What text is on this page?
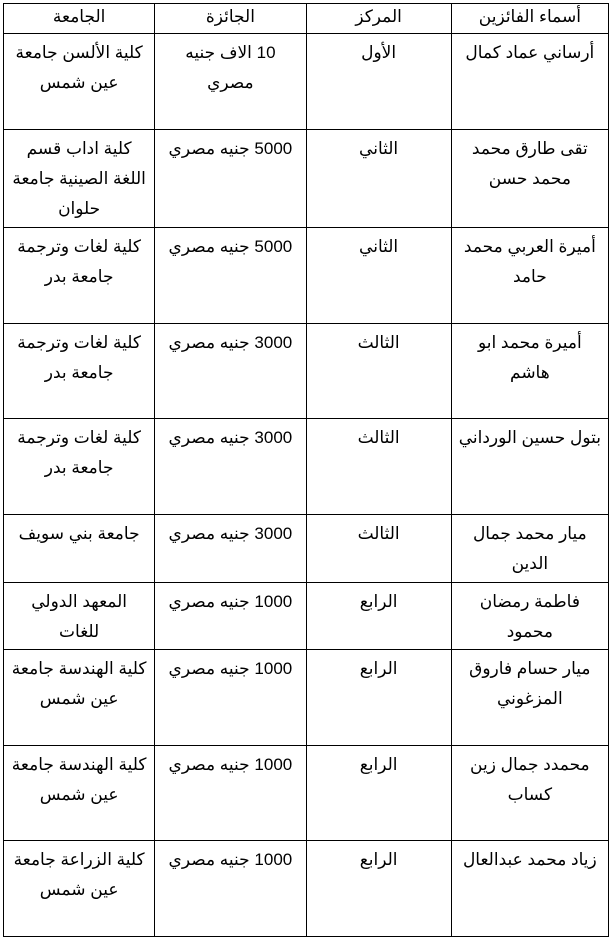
أسماء الفائزين	المركز	الجائزة	الجامعة
أرساني عماد كمال	الأول	10 الاف جنيه مصري	كلية الألسن جامعة عين شمس
تقى طارق محمد محمد حسن	الثاني	5000 جنيه مصري	كلية اداب قسم اللغة الصينية جامعة حلوان
أميرة العربي محمد حامد	الثاني	5000 جنيه مصري	كلية لغات وترجمة جامعة بدر
أميرة محمد ابو هاشم	الثالث	3000 جنيه مصري	كلية لغات وترجمة جامعة بدر
بتول حسين الورداني	الثالث	3000 جنيه مصري	كلية لغات وترجمة جامعة بدر
ميار محمد جمال الدين	الثالث	3000 جنيه مصري	جامعة بني سويف
فاطمة رمضان محمود	الرابع	1000 جنيه مصري	المعهد الدولي للغات
ميار حسام فاروق المزغوني	الرابع	1000 جنيه مصري	كلية الهندسة جامعة عين شمس
محمدد جمال زين كساب	الرابع	1000 جنيه مصري	كلية الهندسة جامعة عين شمس
زياد محمد عبدالعال	الرابع	1000 جنيه مصري	كلية الزراعة جامعة عين شمس
